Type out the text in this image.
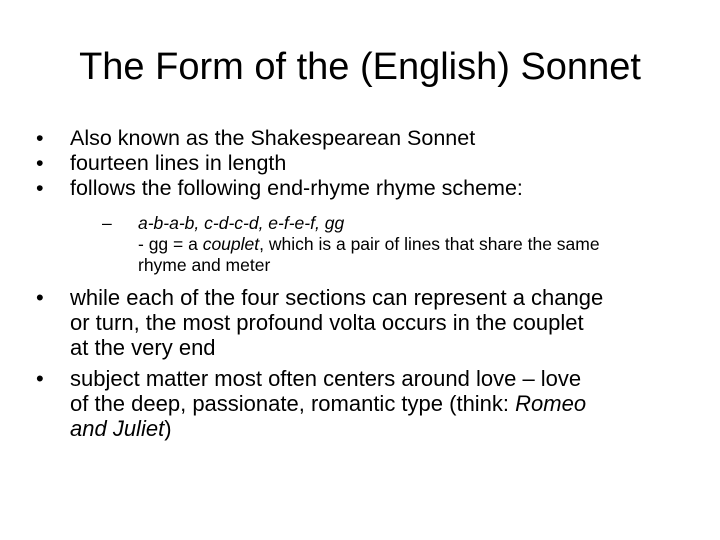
The Form of the (English) Sonnet
• Also known as the Shakespearean Sonnet
• fourteen lines in length
• follows the following end-rhyme rhyme scheme:
– a-b-a-b, c-d-c-d, e-f-e-f, gg
- gg = a couplet, which is a pair of lines that share the same
rhyme and meter
• while each of the four sections can represent a change
or turn, the most profound volta occurs in the couplet
at the very end
• subject matter most often centers around love – love
of the deep, passionate, romantic type (think: Romeo
and Juliet)
